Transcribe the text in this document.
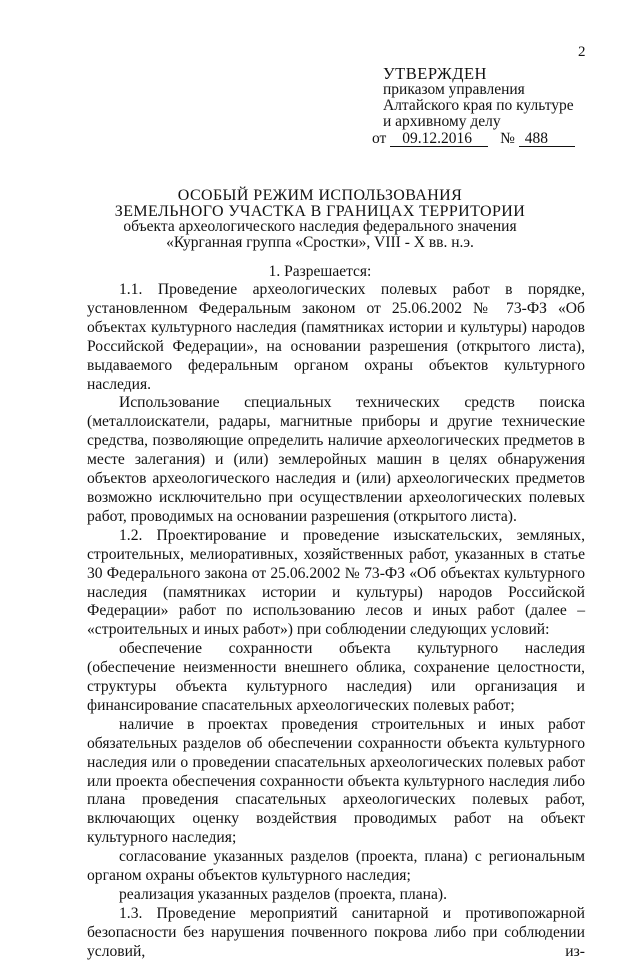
2
УТВЕРЖДЕН
приказом управления
Алтайского края по культуре
и архивному делу
от 09.12.2016 № 488
ОСОБЫЙ РЕЖИМ ИСПОЛЬЗОВАНИЯ
ЗЕМЕЛЬНОГО УЧАСТКА В ГРАНИЦАХ ТЕРРИТОРИИ
объекта археологического наследия федерального значения
«Курганная группа «Сростки», VIII - X вв. н.э.
1. Разрешается:

1.1. Проведение археологических полевых работ в порядке, установленном Федеральным законом от 25.06.2002 № 73-ФЗ «Об объектах культурного наследия (памятниках истории и культуры) народов Российской Федерации», на основании разрешения (открытого листа), выдаваемого федеральным органом охраны объектов культурного наследия.

Использование специальных технических средств поиска (металлоискатели, радары, магнитные приборы и другие технические средства, позволяющие определить наличие археологических предметов в месте залегания) и (или) землеройных машин в целях обнаружения объектов археологического наследия и (или) археологических предметов возможно исключительно при осуществлении археологических полевых работ, проводимых на основании разрешения (открытого листа).

1.2. Проектирование и проведение изыскательских, земляных, строительных, мелиоративных, хозяйственных работ, указанных в статье 30 Федерального закона от 25.06.2002 № 73-ФЗ «Об объектах культурного наследия (памятниках истории и культуры) народов Российской Федерации» работ по использованию лесов и иных работ (далее – «строительных и иных работ») при соблюдении следующих условий:

обеспечение сохранности объекта культурного наследия (обеспечение неизменности внешнего облика, сохранение целостности, структуры объекта культурного наследия) или организация и финансирование спасательных археологических полевых работ;

наличие в проектах проведения строительных и иных работ обязательных разделов об обеспечении сохранности объекта культурного наследия или о проведении спасательных археологических полевых работ или проекта обеспечения сохранности объекта культурного наследия либо плана проведения спасательных археологических полевых работ, включающих оценку воздействия проводимых работ на объект культурного наследия;

согласование указанных разделов (проекта, плана) с региональным органом охраны объектов культурного наследия;

реализация указанных разделов (проекта, плана).

1.3. Проведение мероприятий санитарной и противопожарной безопасности без нарушения почвенного покрова либо при соблюдении условий, из-
